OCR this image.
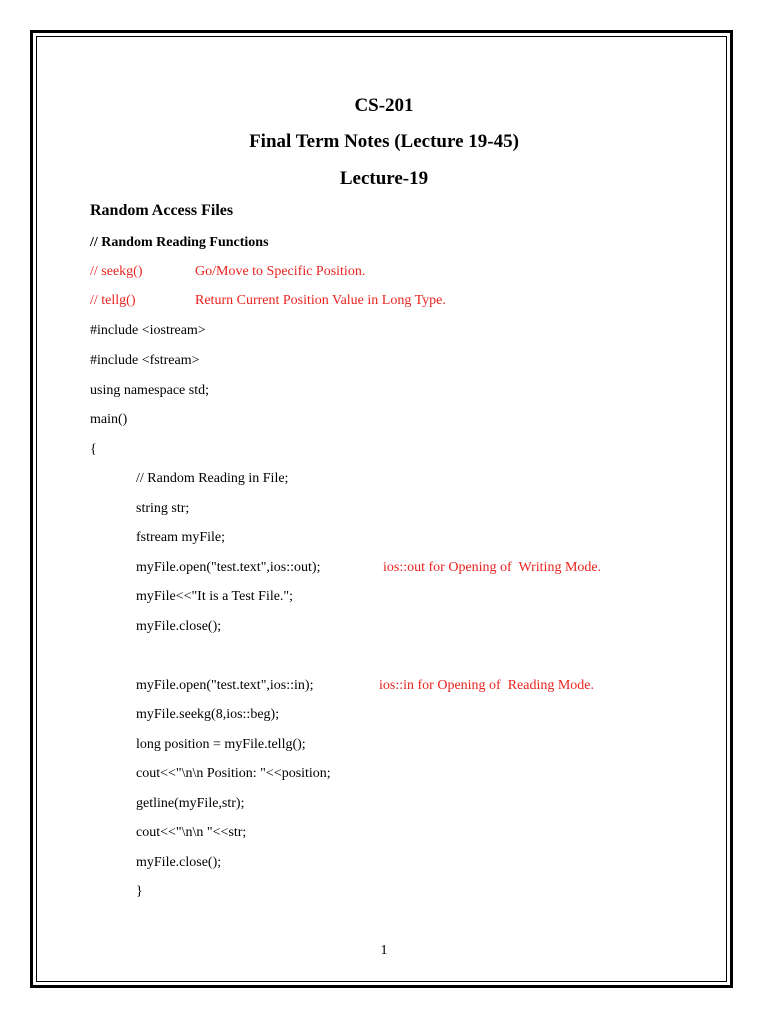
CS-201
Final Term Notes (Lecture 19-45)
Lecture-19
Random Access Files
// Random Reading Functions
// seekg()	Go/Move to Specific Position.
// tellg()	Return Current Position Value in Long Type.
#include <iostream>
#include <fstream>
using namespace std;
main()
{
// Random Reading in File;
string str;
fstream myFile;
myFile.open("test.text",ios::out);	ios::out for Opening of  Writing Mode.
myFile<<"It is a Test File.";
myFile.close();
myFile.open("test.text",ios::in);	ios::in for Opening of  Reading Mode.
myFile.seekg(8,ios::beg);
long position = myFile.tellg();
cout<<"\n\n Position: "<<position;
getline(myFile,str);
cout<<"\n\n "<<str;
myFile.close();
}
1
